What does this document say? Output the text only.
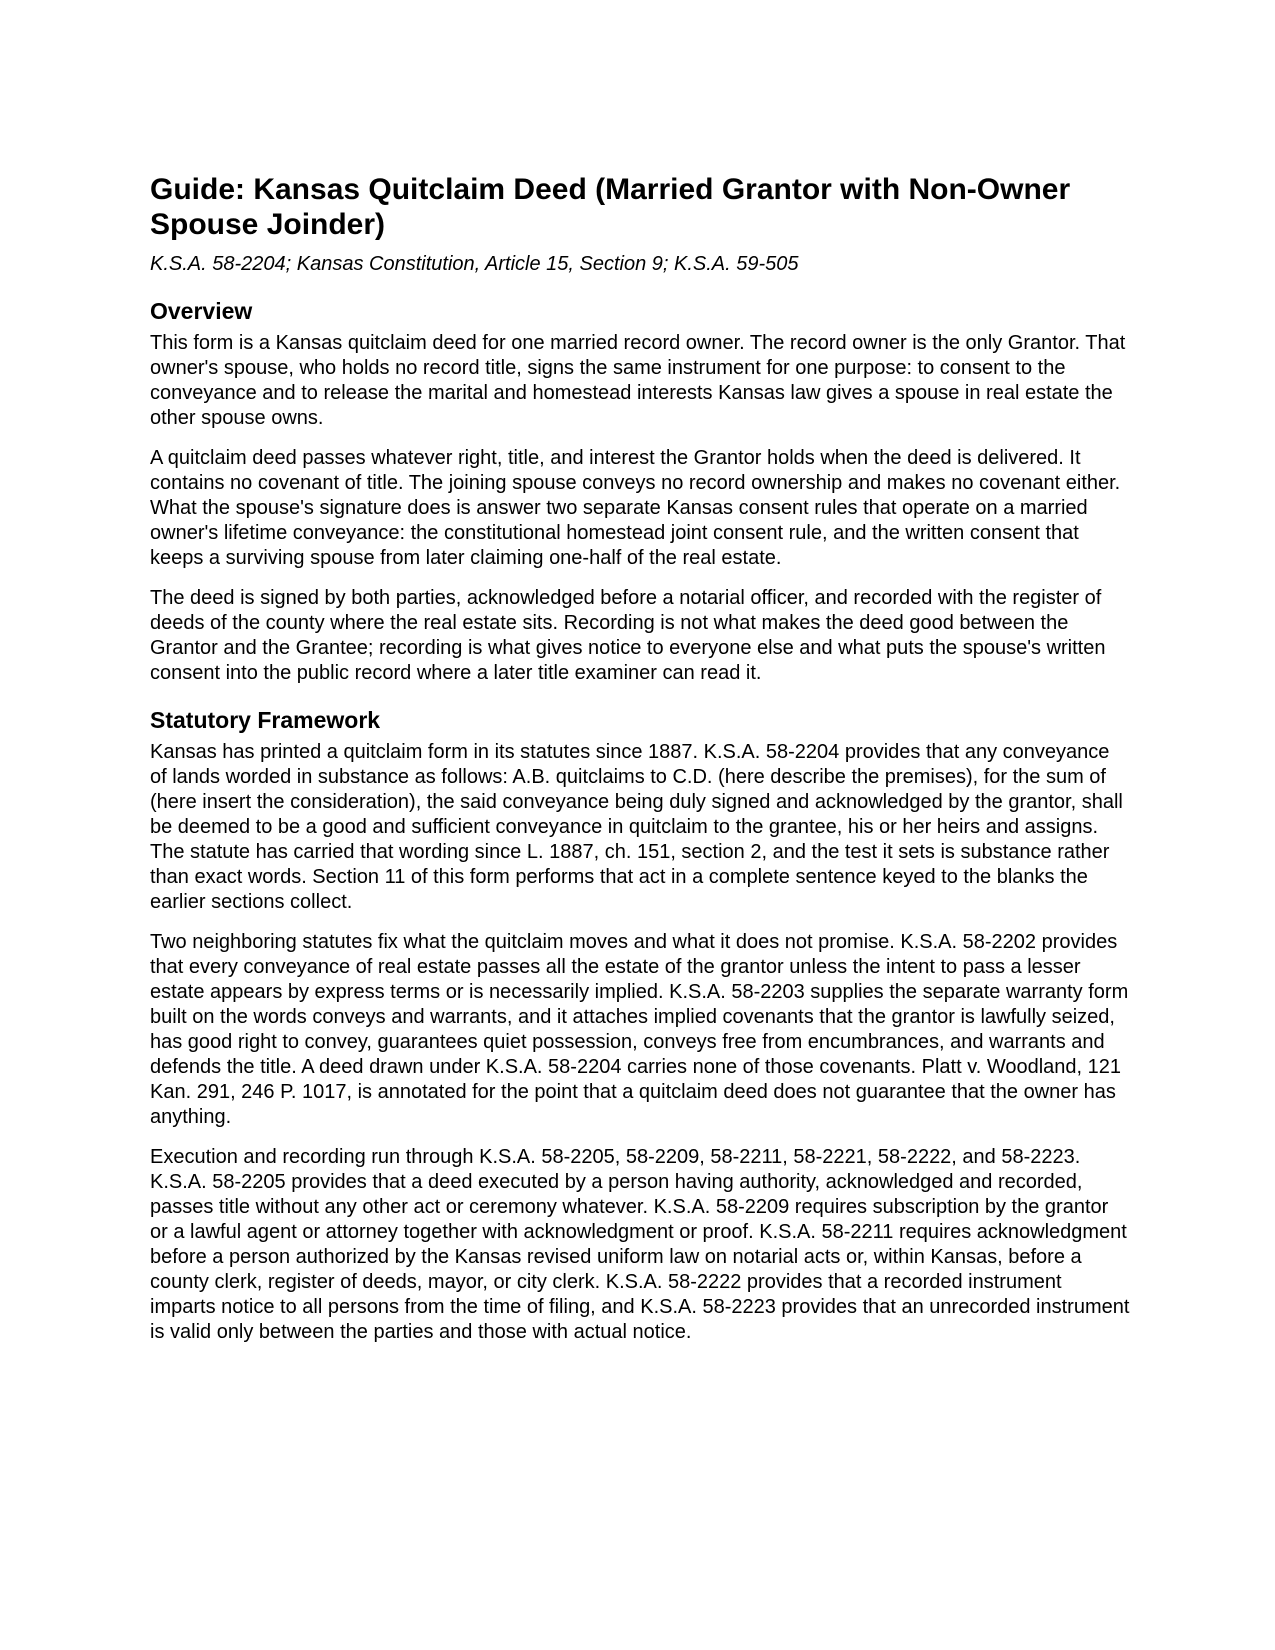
Guide: Kansas Quitclaim Deed (Married Grantor with Non-Owner Spouse Joinder)

K.S.A. 58-2204; Kansas Constitution, Article 15, Section 9; K.S.A. 59-505

Overview

This form is a Kansas quitclaim deed for one married record owner. The record owner is the only Grantor. That owner's spouse, who holds no record title, signs the same instrument for one purpose: to consent to the conveyance and to release the marital and homestead interests Kansas law gives a spouse in real estate the other spouse owns.

A quitclaim deed passes whatever right, title, and interest the Grantor holds when the deed is delivered. It contains no covenant of title. The joining spouse conveys no record ownership and makes no covenant either. What the spouse's signature does is answer two separate Kansas consent rules that operate on a married owner's lifetime conveyance: the constitutional homestead joint consent rule, and the written consent that keeps a surviving spouse from later claiming one-half of the real estate.

The deed is signed by both parties, acknowledged before a notarial officer, and recorded with the register of deeds of the county where the real estate sits. Recording is not what makes the deed good between the Grantor and the Grantee; recording is what gives notice to everyone else and what puts the spouse's written consent into the public record where a later title examiner can read it.

Statutory Framework

Kansas has printed a quitclaim form in its statutes since 1887. K.S.A. 58-2204 provides that any conveyance of lands worded in substance as follows: A.B. quitclaims to C.D. (here describe the premises), for the sum of (here insert the consideration), the said conveyance being duly signed and acknowledged by the grantor, shall be deemed to be a good and sufficient conveyance in quitclaim to the grantee, his or her heirs and assigns. The statute has carried that wording since L. 1887, ch. 151, section 2, and the test it sets is substance rather than exact words. Section 11 of this form performs that act in a complete sentence keyed to the blanks the earlier sections collect.

Two neighboring statutes fix what the quitclaim moves and what it does not promise. K.S.A. 58-2202 provides that every conveyance of real estate passes all the estate of the grantor unless the intent to pass a lesser estate appears by express terms or is necessarily implied. K.S.A. 58-2203 supplies the separate warranty form built on the words conveys and warrants, and it attaches implied covenants that the grantor is lawfully seized, has good right to convey, guarantees quiet possession, conveys free from encumbrances, and warrants and defends the title. A deed drawn under K.S.A. 58-2204 carries none of those covenants. Platt v. Woodland, 121 Kan. 291, 246 P. 1017, is annotated for the point that a quitclaim deed does not guarantee that the owner has anything.

Execution and recording run through K.S.A. 58-2205, 58-2209, 58-2211, 58-2221, 58-2222, and 58-2223. K.S.A. 58-2205 provides that a deed executed by a person having authority, acknowledged and recorded, passes title without any other act or ceremony whatever. K.S.A. 58-2209 requires subscription by the grantor or a lawful agent or attorney together with acknowledgment or proof. K.S.A. 58-2211 requires acknowledgment before a person authorized by the Kansas revised uniform law on notarial acts or, within Kansas, before a county clerk, register of deeds, mayor, or city clerk. K.S.A. 58-2222 provides that a recorded instrument imparts notice to all persons from the time of filing, and K.S.A. 58-2223 provides that an unrecorded instrument is valid only between the parties and those with actual notice.
